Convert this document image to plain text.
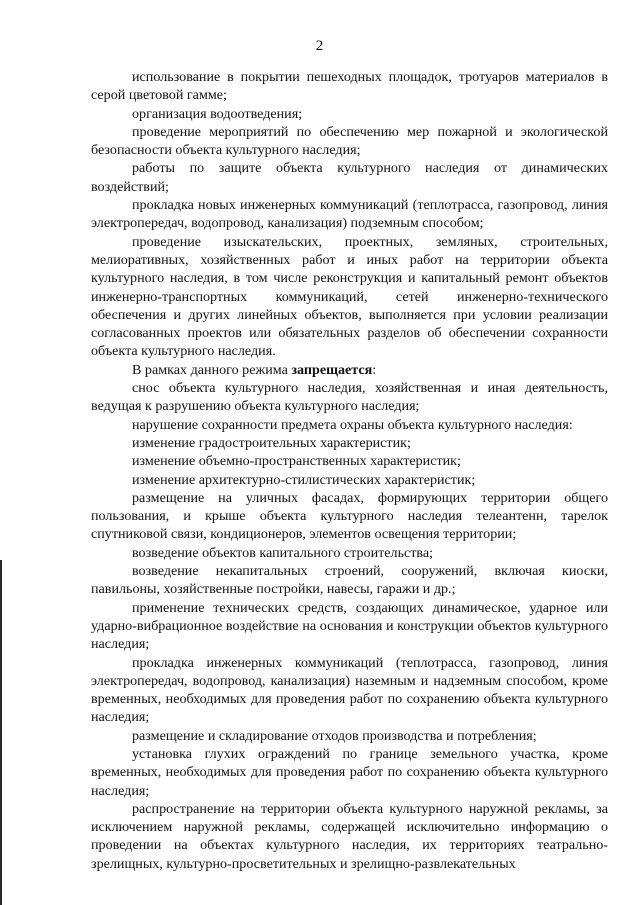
2

использование в покрытии пешеходных площадок, тротуаров материалов в серой цветовой гамме;

организация водоотведения;

проведение мероприятий по обеспечению мер пожарной и экологической безопасности объекта культурного наследия;

работы по защите объекта культурного наследия от динамических воздействий;

прокладка новых инженерных коммуникаций (теплотрасса, газопровод, линия электропередач, водопровод, канализация) подземным способом;

проведение изыскательских, проектных, земляных, строительных, мелиоративных, хозяйственных работ и иных работ на территории объекта культурного наследия, в том числе реконструкция и капитальный ремонт объектов инженерно-транспортных коммуникаций, сетей инженерно-технического обеспечения и других линейных объектов, выполняется при условии реализации согласованных проектов или обязательных разделов об обеспечении сохранности объекта культурного наследия.

В рамках данного режима запрещается:

снос объекта культурного наследия, хозяйственная и иная деятельность, ведущая к разрушению объекта культурного наследия;

нарушение сохранности предмета охраны объекта культурного наследия:

изменение градостроительных характеристик;

изменение объемно-пространственных характеристик;

изменение архитектурно-стилистических характеристик;

размещение на уличных фасадах, формирующих территории общего пользования, и крыше объекта культурного наследия телеантенн, тарелок спутниковой связи, кондиционеров, элементов освещения территории;

возведение объектов капитального строительства;

возведение некапитальных строений, сооружений, включая киоски, павильоны, хозяйственные постройки, навесы, гаражи и др.;

применение технических средств, создающих динамическое, ударное или ударно-вибрационное воздействие на основания и конструкции объектов культурного наследия;

прокладка инженерных коммуникаций (теплотрасса, газопровод, линия электропередач, водопровод, канализация) наземным и надземным способом, кроме временных, необходимых для проведения работ по сохранению объекта культурного наследия;

размещение и складирование отходов производства и потребления;

установка глухих ограждений по границе земельного участка, кроме временных, необходимых для проведения работ по сохранению объекта культурного наследия;

распространение на территории объекта культурного наружной рекламы, за исключением наружной рекламы, содержащей исключительно информацию о проведении на объектах культурного наследия, их территориях театрально-зрелищных, культурно-просветительных и зрелищно-развлекательных
